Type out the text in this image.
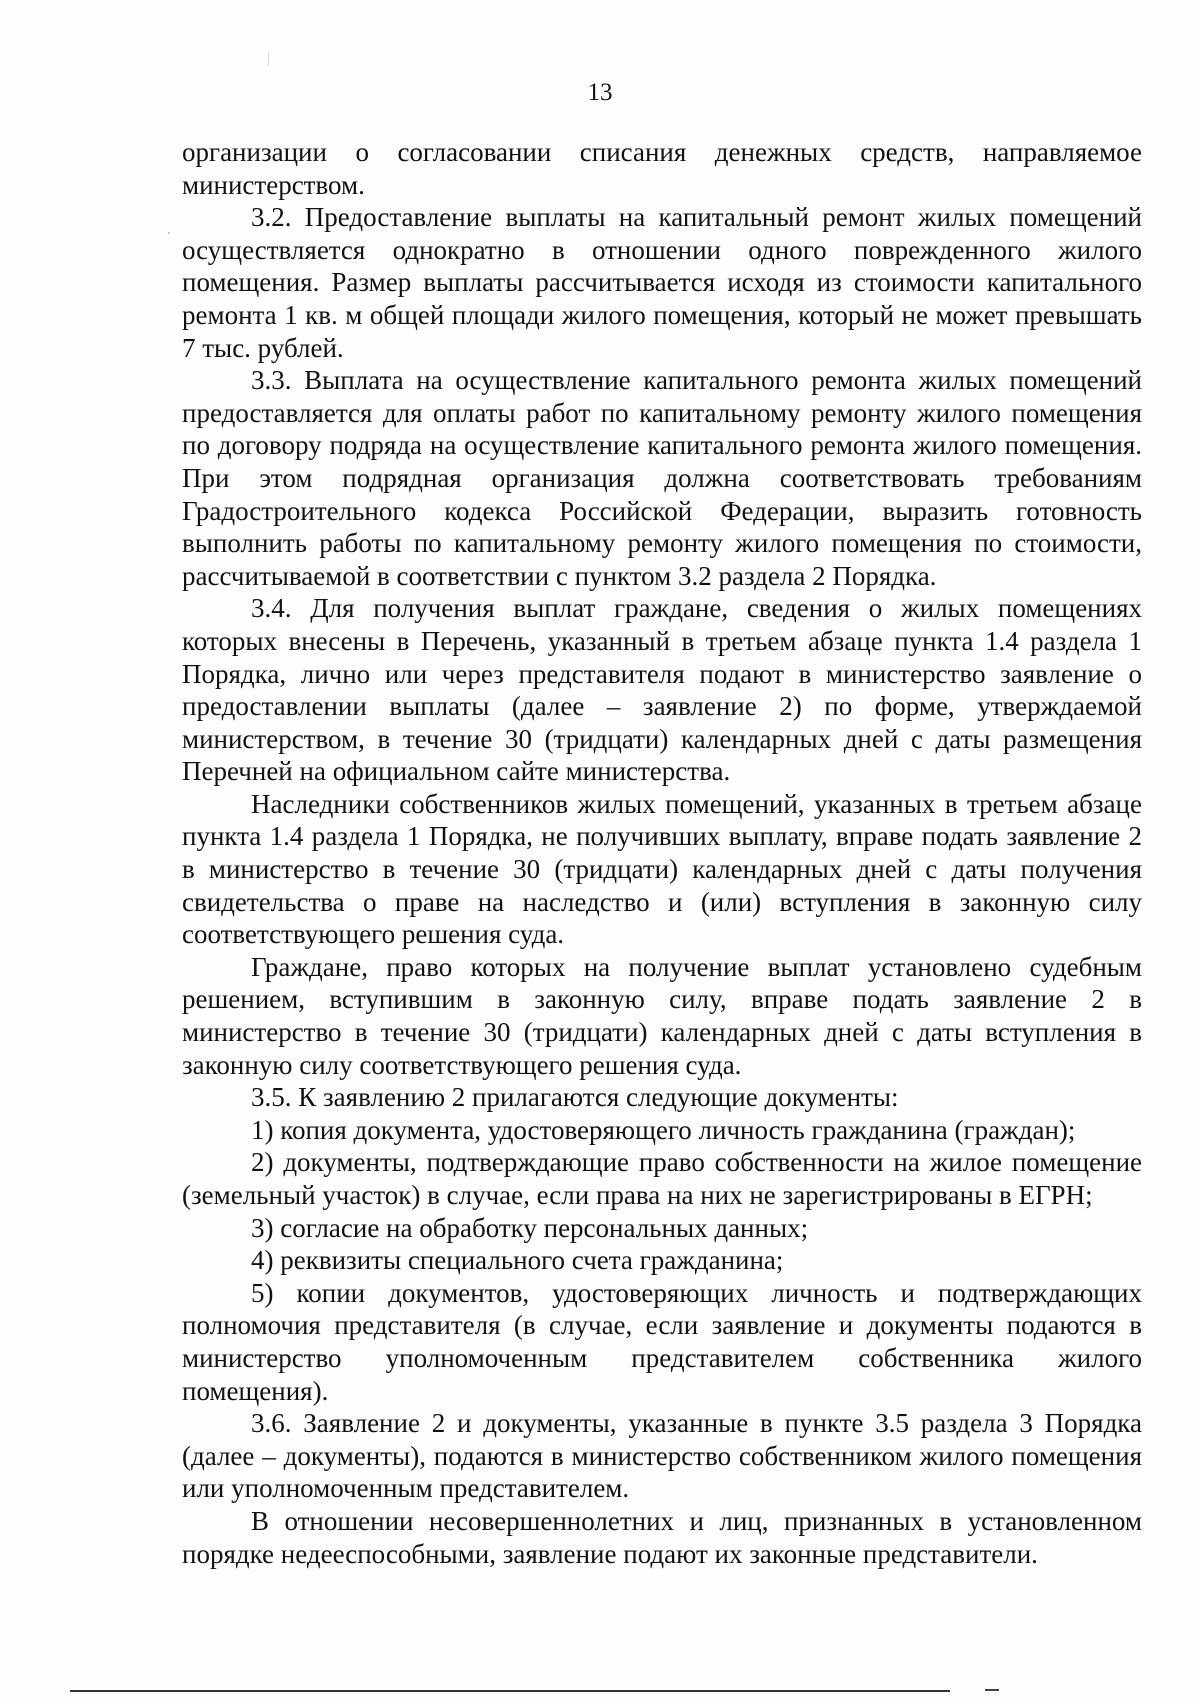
13

организации о согласовании списания денежных средств, направляемое министерством.

3.2. Предоставление выплаты на капитальный ремонт жилых помещений осуществляется однократно в отношении одного поврежденного жилого помещения. Размер выплаты рассчитывается исходя из стоимости капитального ремонта 1 кв. м общей площади жилого помещения, который не может превышать 7 тыс. рублей.

3.3. Выплата на осуществление капитального ремонта жилых помещений предоставляется для оплаты работ по капитальному ремонту жилого помещения по договору подряда на осуществление капитального ремонта жилого помещения. При этом подрядная организация должна соответствовать требованиям Градостроительного кодекса Российской Федерации, выразить готовность выполнить работы по капитальному ремонту жилого помещения по стоимости, рассчитываемой в соответствии с пунктом 3.2 раздела 2 Порядка.

3.4. Для получения выплат граждане, сведения о жилых помещениях которых внесены в Перечень, указанный в третьем абзаце пункта 1.4 раздела 1 Порядка, лично или через представителя подают в министерство заявление о предоставлении выплаты (далее – заявление 2) по форме, утверждаемой министерством, в течение 30 (тридцати) календарных дней с даты размещения Перечней на официальном сайте министерства.

Наследники собственников жилых помещений, указанных в третьем абзаце пункта 1.4 раздела 1 Порядка, не получивших выплату, вправе подать заявление 2 в министерство в течение 30 (тридцати) календарных дней с даты получения свидетельства о праве на наследство и (или) вступления в законную силу соответствующего решения суда.

Граждане, право которых на получение выплат установлено судебным решением, вступившим в законную силу, вправе подать заявление 2 в министерство в течение 30 (тридцати) календарных дней с даты вступления в законную силу соответствующего решения суда.

3.5. К заявлению 2 прилагаются следующие документы:

1) копия документа, удостоверяющего личность гражданина (граждан);

2) документы, подтверждающие право собственности на жилое помещение (земельный участок) в случае, если права на них не зарегистрированы в ЕГРН;

3) согласие на обработку персональных данных;

4) реквизиты специального счета гражданина;

5) копии документов, удостоверяющих личность и подтверждающих полномочия представителя (в случае, если заявление и документы подаются в министерство уполномоченным представителем собственника жилого помещения).

3.6. Заявление 2 и документы, указанные в пункте 3.5 раздела 3 Порядка (далее – документы), подаются в министерство собственником жилого помещения или уполномоченным представителем.

В отношении несовершеннолетних и лиц, признанных в установленном порядке недееспособными, заявление подают их законные представители.
